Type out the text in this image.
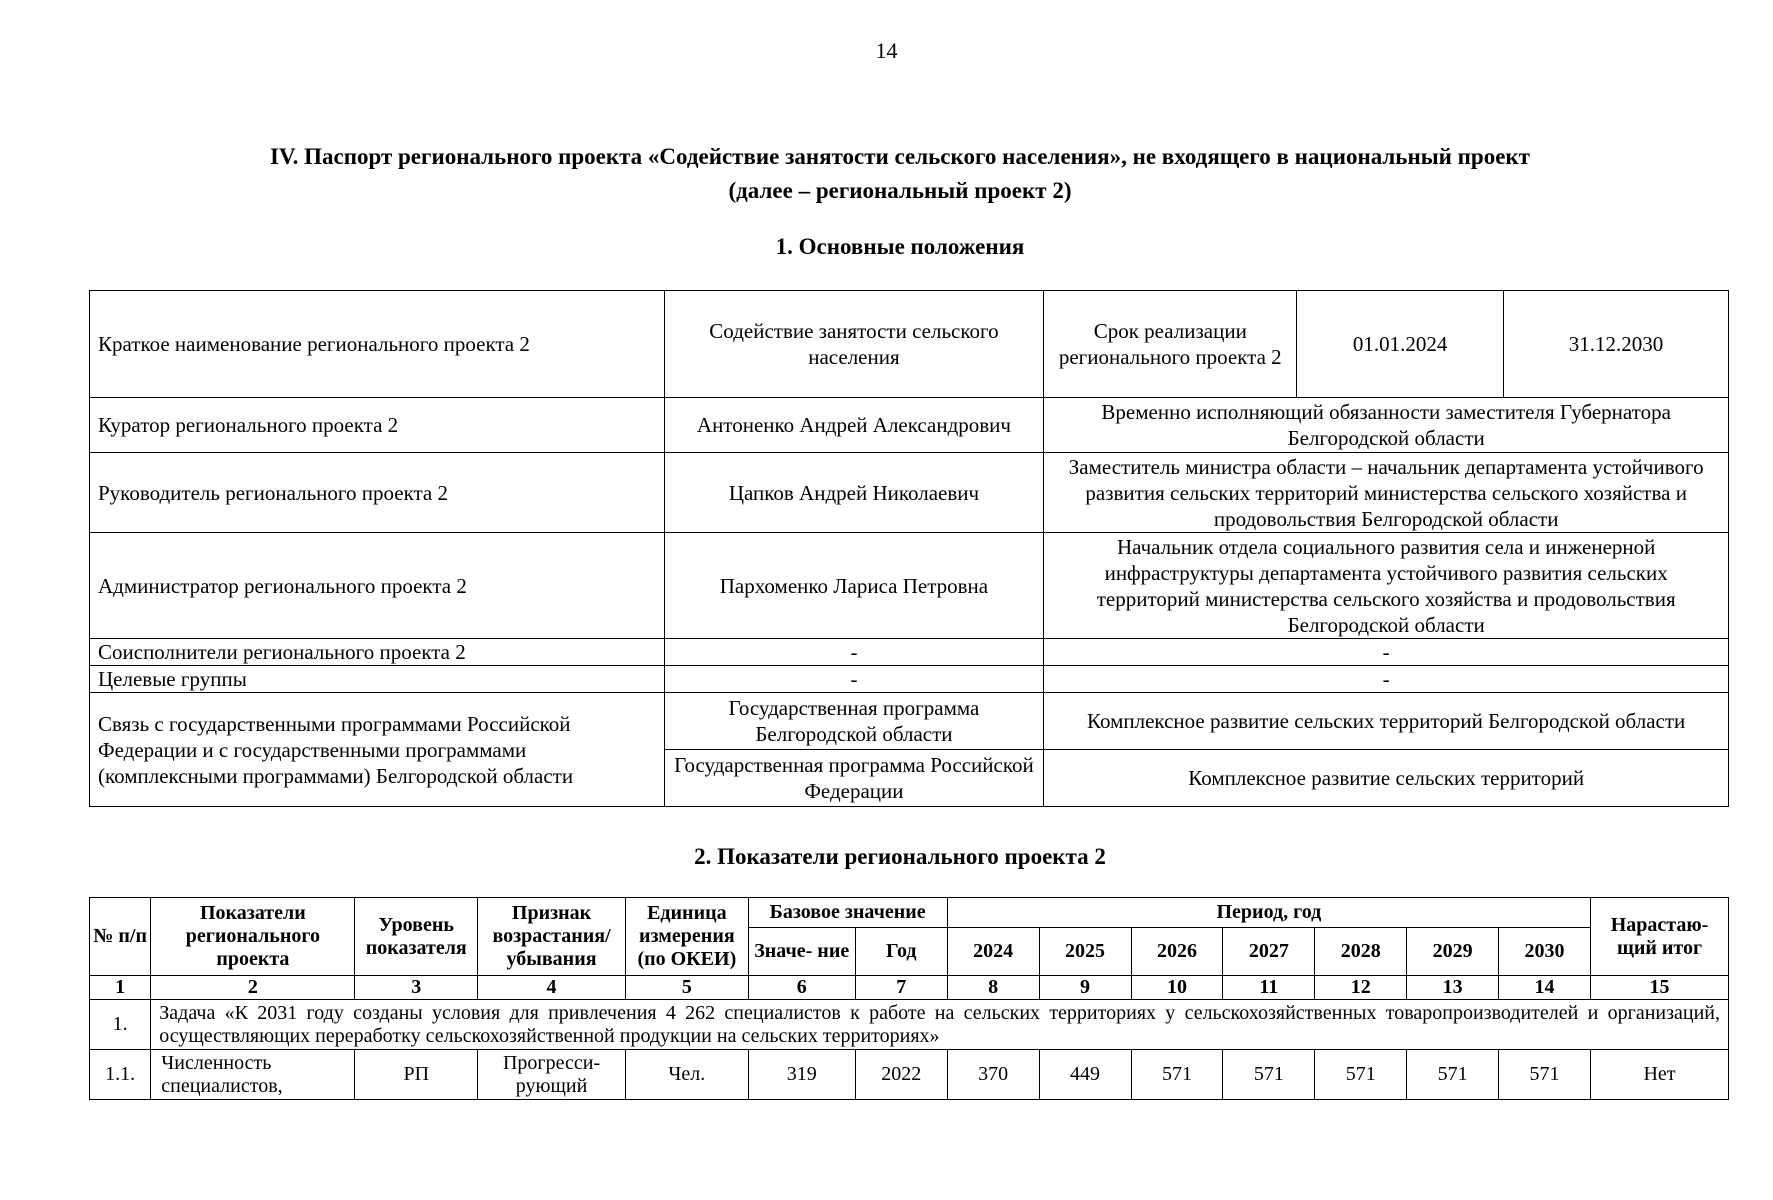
14
IV. Паспорт регионального проекта «Содействие занятости сельского населения», не входящего в национальный проект
(далее – региональный проект 2)
1. Основные положения
Краткое наименование регионального проекта 2	Содействие занятости сельского населения	Срок реализации регионального проекта 2	01.01.2024	31.12.2030
Куратор регионального проекта 2	Антоненко Андрей Александрович	Временно исполняющий обязанности заместителя Губернатора Белгородской области		
Руководитель регионального проекта 2	Цапков Андрей Николаевич	Заместитель министра области – начальник департамента устойчивого развития сельских территорий министерства сельского хозяйства и продовольствия Белгородской области		
Администратор регионального проекта 2	Пархоменко Лариса Петровна	Начальник отдела социального развития села и инженерной инфраструктуры департамента устойчивого развития сельских территорий министерства сельского хозяйства и продовольствия Белгородской области		
Соисполнители регионального проекта 2	-	-		
Целевые группы	-	-		
Связь с государственными программами Российской Федерации и с государственными программами (комплексными программами) Белгородской области	Государственная программа Белгородской области	Комплексное развитие сельских территорий Белгородской области		
	Государственная программа Российской Федерации	Комплексное развитие сельских территорий		
2. Показатели регионального проекта 2
№ п/п	Показатели регионального проекта	Уровень показателя	Признак возрастания/ убывания	Единица измерения (по ОКЕИ)	Базовое значение		Период, год							Нарастаю- щий итог
					Значе- ние	Год	2024	2025	2026	2027	2028	2029	2030	
1	2	3	4	5	6	7	8	9	10	11	12	13	14	15
1.	Задача «К 2031 году созданы условия для привлечения 4 262 специалистов к работе на сельских территориях у сельскохозяйственных товаропроизводителей и организаций, осуществляющих переработку сельскохозяйственной продукции на сельских территориях»													
1.1.	Численность специалистов,	РП	Прогресси- рующий	Чел.	319	2022	370	449	571	571	571	571	571	Нет
